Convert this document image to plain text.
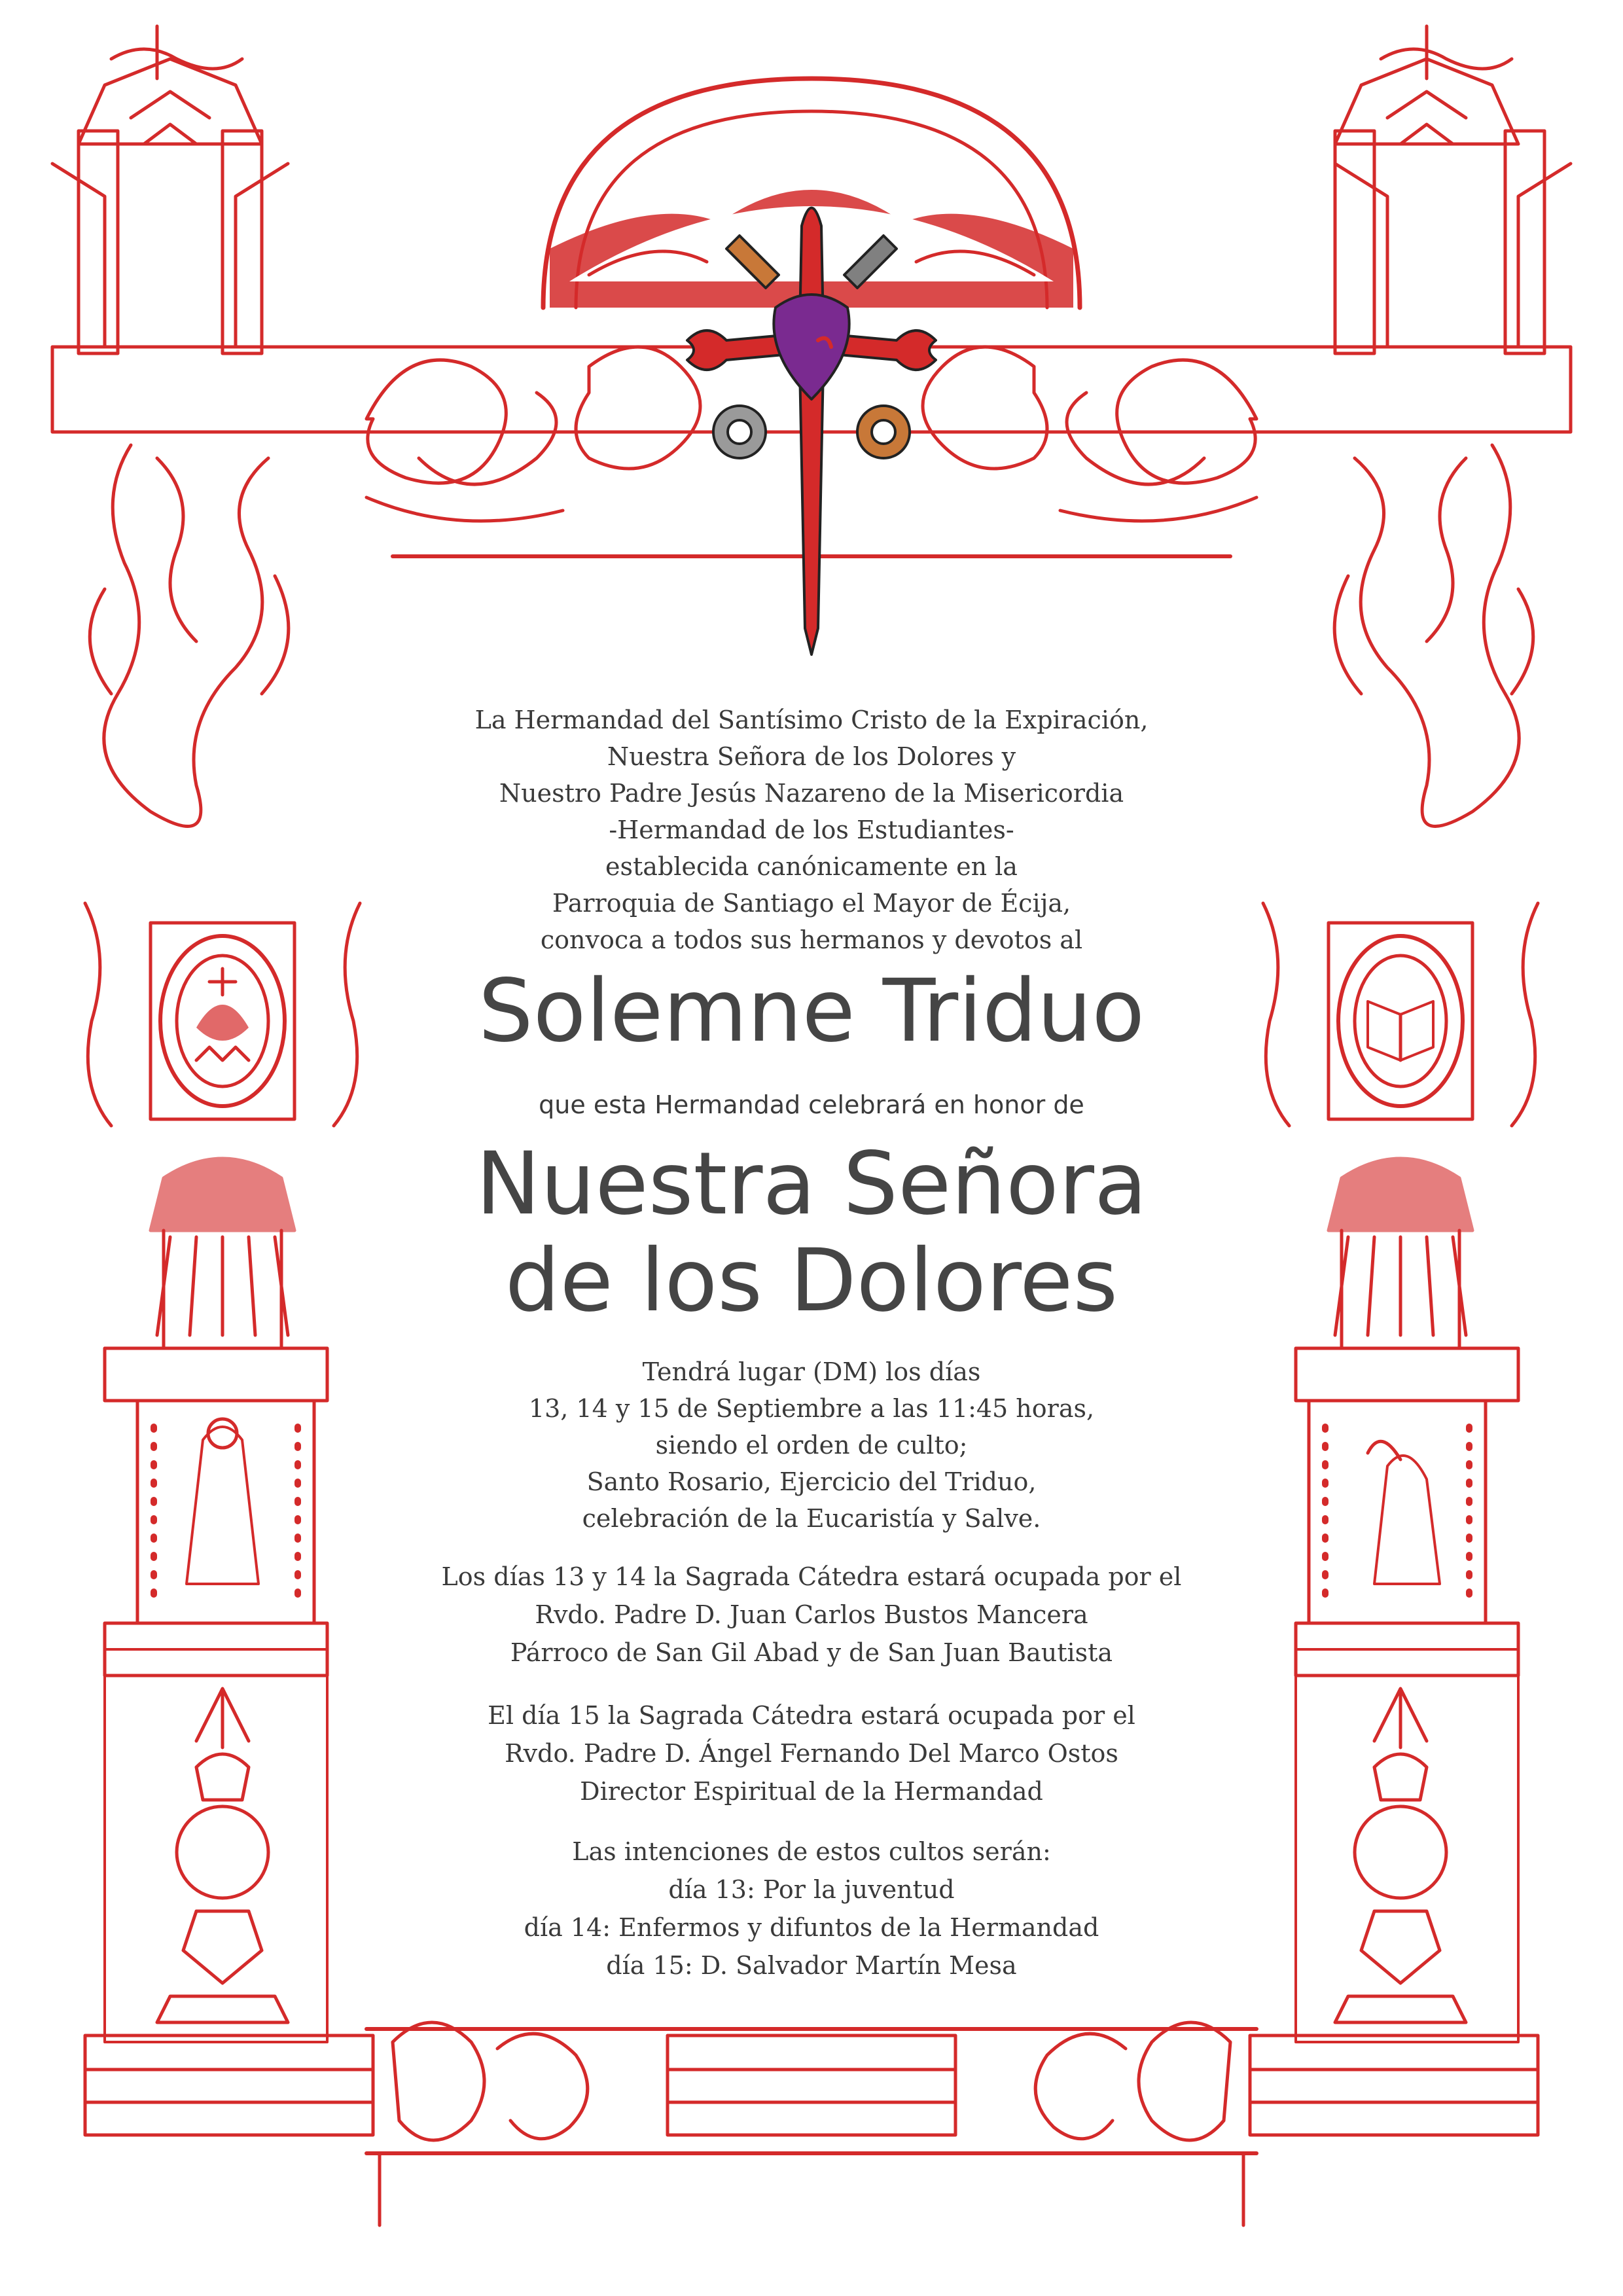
La Hermandad del Santísimo Cristo de la Expiración,

Nuestra Señora de los Dolores y

Nuestro Padre Jesús Nazareno de la Misericordia

-Hermandad de los Estudiantes-

establecida canónicamente en la

Parroquia de Santiago el Mayor de Écija,

convoca a todos sus hermanos y devotos al

Solemne Triduo

que esta Hermandad celebrará en honor de

Nuestra Señora

de los Dolores

Tendrá lugar (DM) los días

13, 14 y 15 de Septiembre a las 11:45 horas,

siendo el orden de culto;

Santo Rosario, Ejercicio del Triduo,

celebración de la Eucaristía y Salve.

Los días 13 y 14 la Sagrada Cátedra estará ocupada por el

Rvdo. Padre D. Juan Carlos Bustos Mancera

Párroco de San Gil Abad y de San Juan Bautista

El día 15 la Sagrada Cátedra estará ocupada por el

Rvdo. Padre D. Ángel Fernando Del Marco Ostos

Director Espiritual de la Hermandad

Las intenciones de estos cultos serán:

día 13: Por la juventud

día 14: Enfermos y difuntos de la Hermandad

día 15: D. Salvador Martín Mesa
